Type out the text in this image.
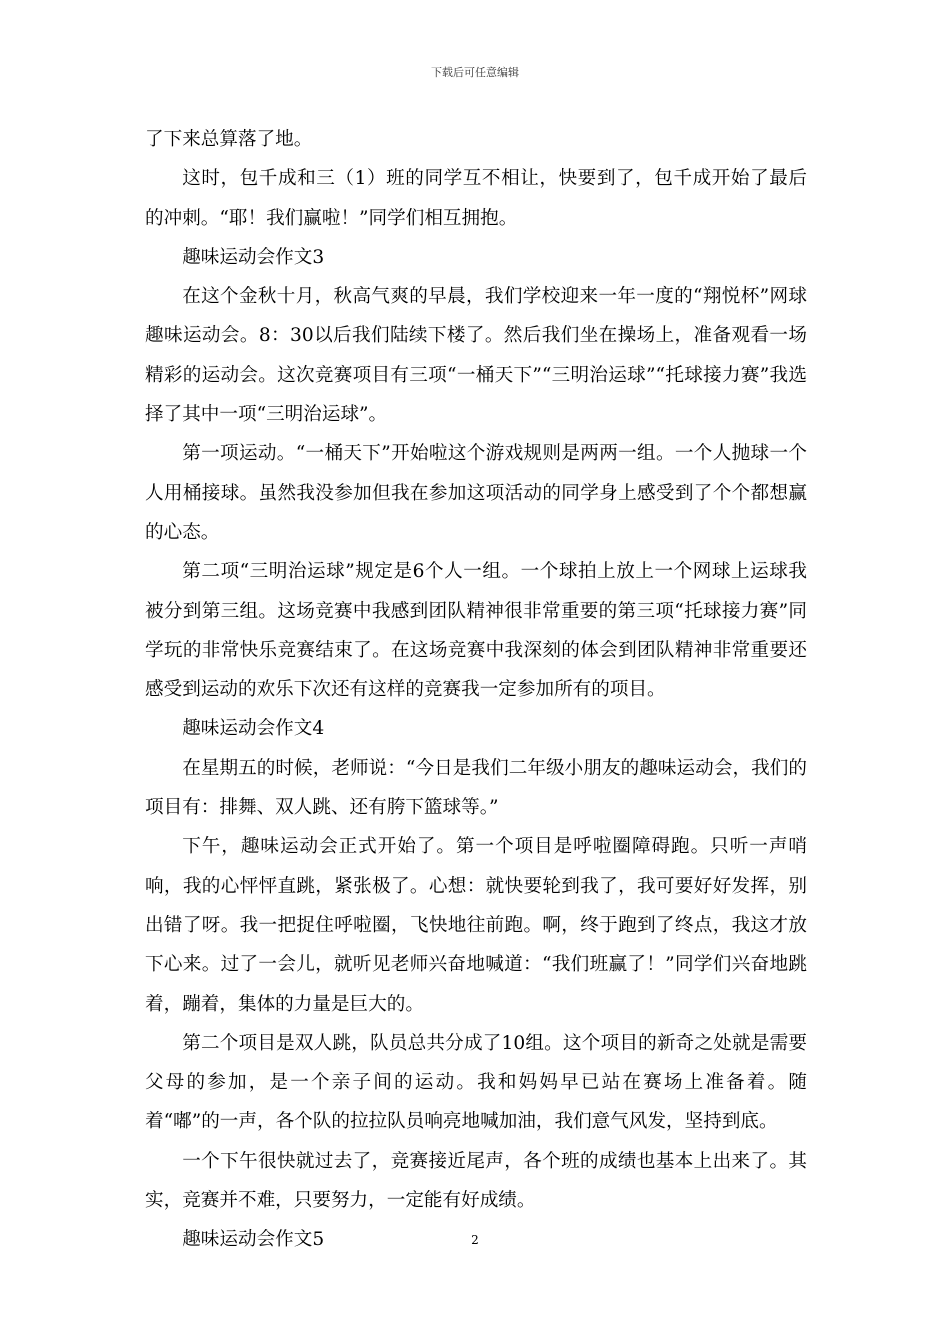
下载后可任意编辑

了下来总算落了地。

这时，包千成和三（1）班的同学互不相让，快要到了，包千成开始了最后的冲刺。“耶！我们赢啦！”同学们相互拥抱。

趣味运动会作文3

在这个金秋十月，秋高气爽的早晨，我们学校迎来一年一度的“翔悦杯”网球趣味运动会。8：30以后我们陆续下楼了。然后我们坐在操场上，准备观看一场精彩的运动会。这次竞赛项目有三项“一桶天下”“三明治运球”“托球接力赛”我选择了其中一项“三明治运球”。

第一项运动。“一桶天下”开始啦这个游戏规则是两两一组。一个人抛球一个人用桶接球。虽然我没参加但我在参加这项活动的同学身上感受到了个个都想赢的心态。

第二项“三明治运球”规定是6个人一组。一个球拍上放上一个网球上运球我被分到第三组。这场竞赛中我感到团队精神很非常重要的第三项“托球接力赛”同学玩的非常快乐竞赛结束了。在这场竞赛中我深刻的体会到团队精神非常重要还感受到运动的欢乐下次还有这样的竞赛我一定参加所有的项目。

趣味运动会作文4

在星期五的时候，老师说：“今日是我们二年级小朋友的趣味运动会，我们的项目有：排舞、双人跳、还有胯下篮球等。”

下午，趣味运动会正式开始了。第一个项目是呼啦圈障碍跑。只听一声哨响，我的心怦怦直跳，紧张极了。心想：就快要轮到我了，我可要好好发挥，别出错了呀。我一把捉住呼啦圈，飞快地往前跑。啊，终于跑到了终点，我这才放下心来。过了一会儿，就听见老师兴奋地喊道：“我们班赢了！”同学们兴奋地跳着，蹦着，集体的力量是巨大的。

第二个项目是双人跳，队员总共分成了10组。这个项目的新奇之处就是需要父母的参加，是一个亲子间的运动。我和妈妈早已站在赛场上准备着。随着“嘟”的一声，各个队的拉拉队员响亮地喊加油，我们意气风发，坚持到底。

一个下午很快就过去了，竞赛接近尾声，各个班的成绩也基本上出来了。其实，竞赛并不难，只要努力，一定能有好成绩。

趣味运动会作文5	2
